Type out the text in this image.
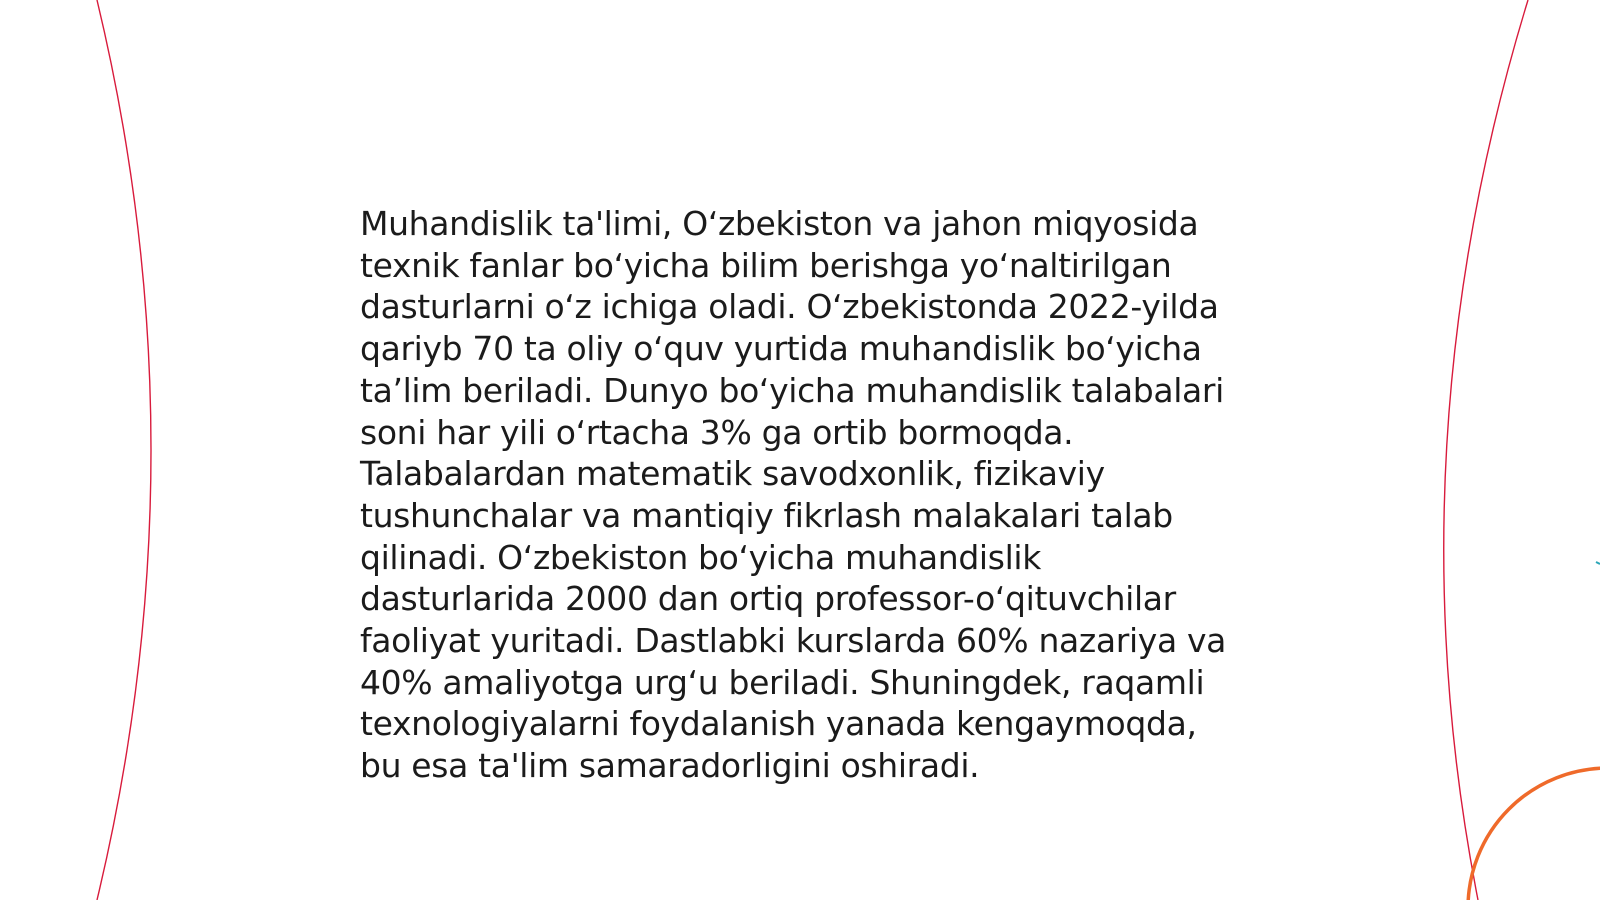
Muhandislik ta'limi, O‘zbekiston va jahon miqyosida
texnik fanlar bo‘yicha bilim berishga yo‘naltirilgan
dasturlarni o‘z ichiga oladi. O‘zbekistonda 2022-yilda
qariyb 70 ta oliy o‘quv yurtida muhandislik bo‘yicha
ta’lim beriladi. Dunyo bo‘yicha muhandislik talabalari
soni har yili o‘rtacha 3% ga ortib bormoqda.
Talabalardan matematik savodxonlik, fizikaviy
tushunchalar va mantiqiy fikrlash malakalari talab
qilinadi. O‘zbekiston bo‘yicha muhandislik
dasturlarida 2000 dan ortiq professor-o‘qituvchilar
faoliyat yuritadi. Dastlabki kurslarda 60% nazariya va
40% amaliyotga urg‘u beriladi. Shuningdek, raqamli
texnologiyalarni foydalanish yanada kengaymoqda,
bu esa ta'lim samaradorligini oshiradi.
